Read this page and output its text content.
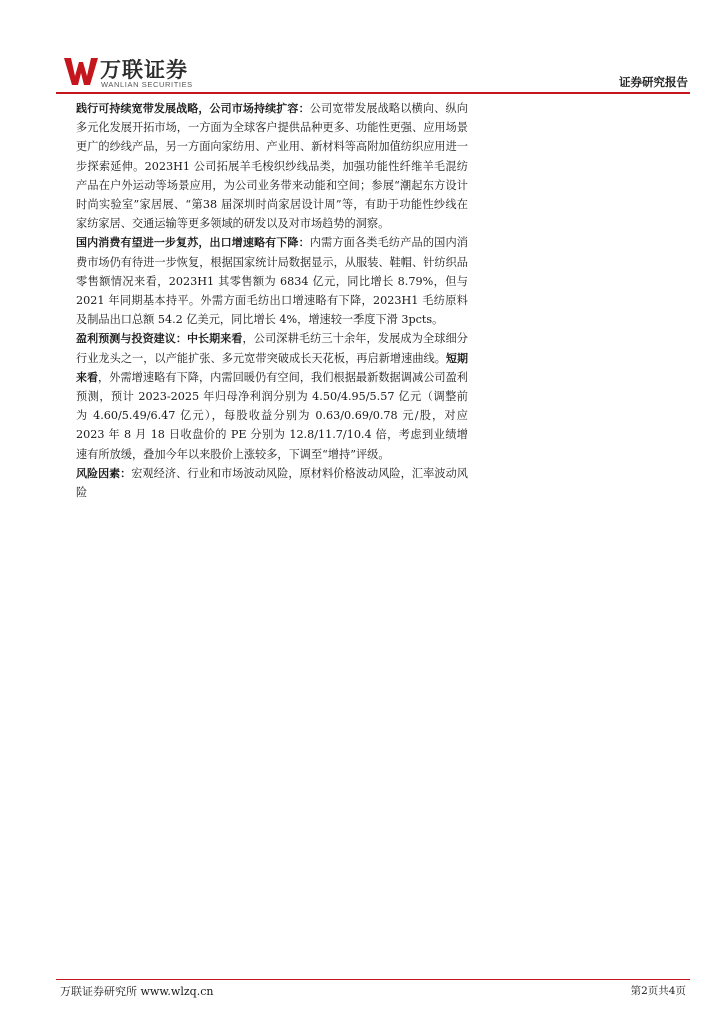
万联证券
WANLIAN SECURITIES	证券研究报告

践行可持续宽带发展战略，公司市场持续扩容：公司宽带发展战略以横向、纵向多元化发展开拓市场，一方面为全球客户提供品种更多、功能性更强、应用场景更广的纱线产品，另一方面向家纺用、产业用、新材料等高附加值纺织应用进一步探索延伸。2023H1 公司拓展羊毛梭织纱线品类，加强功能性纤维羊毛混纺产品在户外运动等场景应用，为公司业务带来动能和空间；参展“潮起东方设计时尚实验室”家居展、“第38 届深圳时尚家居设计周”等，有助于功能性纱线在家纺家居、交通运输等更多领域的研发以及对市场趋势的洞察。

国内消费有望进一步复苏，出口增速略有下降：内需方面各类毛纺产品的国内消费市场仍有待进一步恢复，根据国家统计局数据显示，从服装、鞋帽、针纺织品零售额情况来看，2023H1 其零售额为 6834 亿元，同比增长 8.79%，但与 2021 年同期基本持平。外需方面毛纺出口增速略有下降，2023H1 毛纺原料及制品出口总额 54.2 亿美元，同比增长 4%，增速较一季度下滑 3pcts。

盈利预测与投资建议：中长期来看，公司深耕毛纺三十余年，发展成为全球细分行业龙头之一，以产能扩张、多元宽带突破成长天花板，再启新增速曲线。短期来看，外需增速略有下降，内需回暖仍有空间，我们根据最新数据调减公司盈利预测，预计 2023-2025 年归母净利润分别为 4.50/4.95/5.57 亿元（调整前为 4.60/5.49/6.47 亿元），每股收益分别为 0.63/0.69/0.78 元/股，对应 2023 年 8 月 18 日收盘价的 PE 分别为 12.8/11.7/10.4 倍，考虑到业绩增速有所放缓，叠加今年以来股价上涨较多，下调至“增持”评级。

风险因素：宏观经济、行业和市场波动风险，原材料价格波动风险，汇率波动风险

万联证券研究所 www.wlzq.cn	第2页共4页
